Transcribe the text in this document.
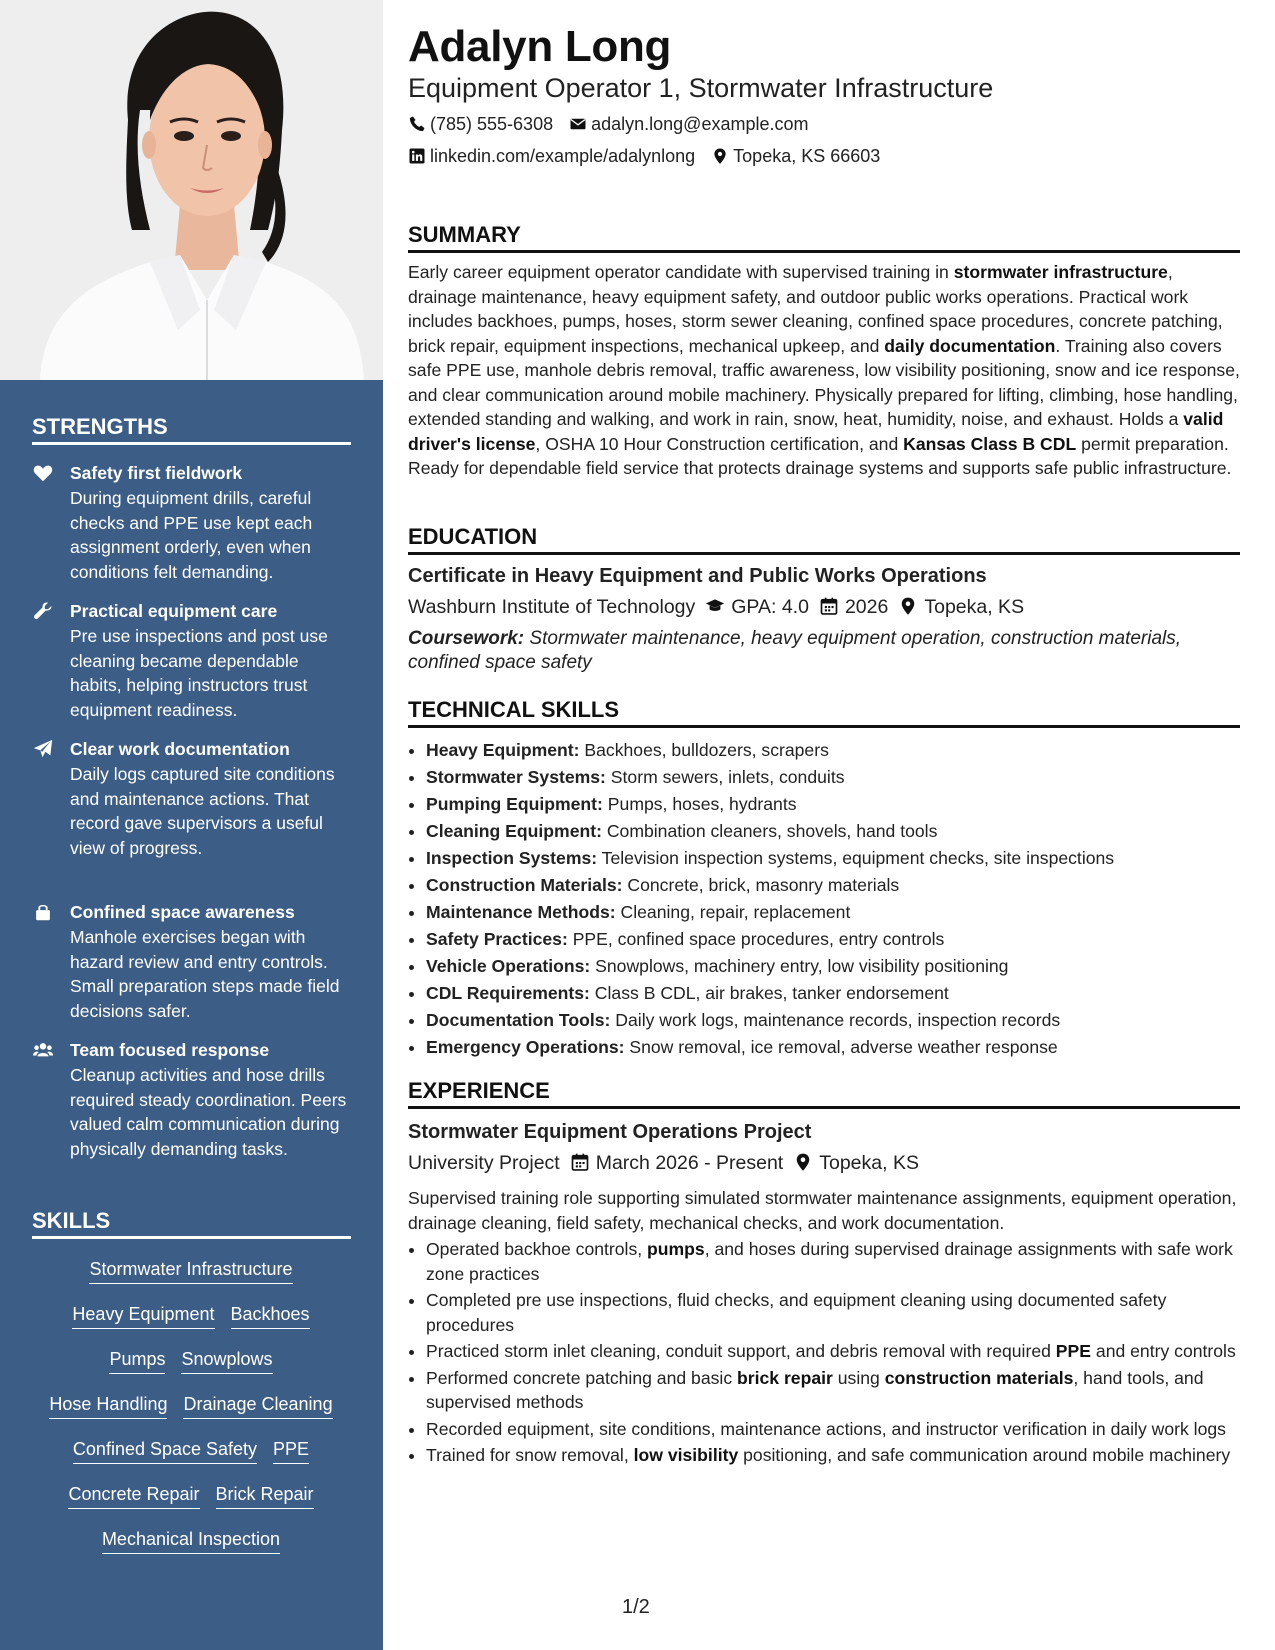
STRENGTHS
Safety first fieldwork
During equipment drills, careful checks and PPE use kept each assignment orderly, even when conditions felt demanding.
Practical equipment care
Pre use inspections and post use cleaning became dependable habits, helping instructors trust equipment readiness.
Clear work documentation
Daily logs captured site conditions and maintenance actions. That record gave supervisors a useful view of progress.
Confined space awareness
Manhole exercises began with hazard review and entry controls. Small preparation steps made field decisions safer.
Team focused response
Cleanup activities and hose drills required steady coordination. Peers valued calm communication during physically demanding tasks.
SKILLS
Stormwater Infrastructure
Heavy Equipment Backhoes
Pumps Snowplows
Hose Handling Drainage Cleaning
Confined Space Safety PPE
Concrete Repair Brick Repair
Mechanical Inspection
Adalyn Long
Equipment Operator 1, Stormwater Infrastructure
(785) 555-6308 adalyn.long@example.com
linkedin.com/example/adalynlong Topeka, KS 66603
SUMMARY
Early career equipment operator candidate with supervised training in stormwater infrastructure, drainage maintenance, heavy equipment safety, and outdoor public works operations. Practical work includes backhoes, pumps, hoses, storm sewer cleaning, confined space procedures, concrete patching, brick repair, equipment inspections, mechanical upkeep, and daily documentation. Training also covers safe PPE use, manhole debris removal, traffic awareness, low visibility positioning, snow and ice response, and clear communication around mobile machinery. Physically prepared for lifting, climbing, hose handling, extended standing and walking, and work in rain, snow, heat, humidity, noise, and exhaust. Holds a valid driver's license, OSHA 10 Hour Construction certification, and Kansas Class B CDL permit preparation. Ready for dependable field service that protects drainage systems and supports safe public infrastructure.
EDUCATION
Certificate in Heavy Equipment and Public Works Operations
Washburn Institute of Technology GPA: 4.0 2026 Topeka, KS
Coursework: Stormwater maintenance, heavy equipment operation, construction materials, confined space safety
TECHNICAL SKILLS
• Heavy Equipment: Backhoes, bulldozers, scrapers
• Stormwater Systems: Storm sewers, inlets, conduits
• Pumping Equipment: Pumps, hoses, hydrants
• Cleaning Equipment: Combination cleaners, shovels, hand tools
• Inspection Systems: Television inspection systems, equipment checks, site inspections
• Construction Materials: Concrete, brick, masonry materials
• Maintenance Methods: Cleaning, repair, replacement
• Safety Practices: PPE, confined space procedures, entry controls
• Vehicle Operations: Snowplows, machinery entry, low visibility positioning
• CDL Requirements: Class B CDL, air brakes, tanker endorsement
• Documentation Tools: Daily work logs, maintenance records, inspection records
• Emergency Operations: Snow removal, ice removal, adverse weather response
EXPERIENCE
Stormwater Equipment Operations Project
University Project March 2026 - Present Topeka, KS
Supervised training role supporting simulated stormwater maintenance assignments, equipment operation, drainage cleaning, field safety, mechanical checks, and work documentation.
• Operated backhoe controls, pumps, and hoses during supervised drainage assignments with safe work zone practices
• Completed pre use inspections, fluid checks, and equipment cleaning using documented safety procedures
• Practiced storm inlet cleaning, conduit support, and debris removal with required PPE and entry controls
• Performed concrete patching and basic brick repair using construction materials, hand tools, and supervised methods
• Recorded equipment, site conditions, maintenance actions, and instructor verification in daily work logs
• Trained for snow removal, low visibility positioning, and safe communication around mobile machinery
1/2
